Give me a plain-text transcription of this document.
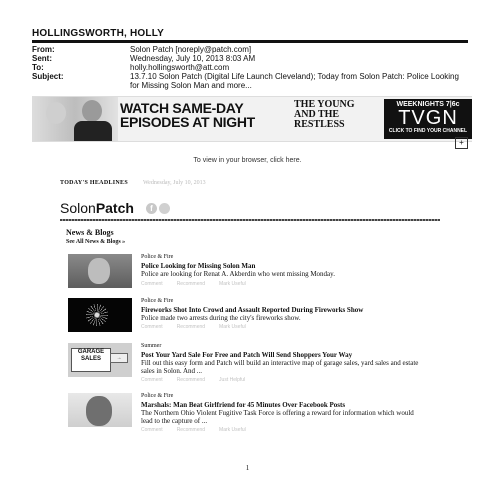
HOLLINGSWORTH, HOLLY
From:	Solon Patch [noreply@patch.com]
Sent:	Wednesday, July 10, 2013 8:03 AM
To:	holly.hollingsworth@att.com
Subject:	13.7.10 Solon Patch (Digital Life Launch Cleveland); Today from Solon Patch: Police Looking for Missing Solon Man and more...
WATCH SAME-DAY EPISODES AT NIGHT
THE YOUNG AND THE RESTLESS
WEEKNIGHTS 7|6c
TVGN
CLICK TO FIND YOUR CHANNEL
+
To view in your browser, click here.
TODAY'S HEADLINES	Wednesday, July 10, 2013
SolonPatch	f
News & Blogs
See All News & Blogs »
Police & Fire
Police Looking for Missing Solon Man
Police are looking for Renat A. Akberdin who went missing Monday.
Comment	Recommend	Mark Useful
Police & Fire
Fireworks Shot Into Crowd and Assault Reported During Fireworks Show
Police made two arrests during the city's fireworks show.
Comment	Recommend	Mark Useful
GARAGE SALES	→
Summer
Post Your Yard Sale For Free and Patch Will Send Shoppers Your Way
Fill out this easy form and Patch will build an interactive map of garage sales, yard sales and estate sales in Solon. And ...
Comment	Recommend	Just Helpful
Police & Fire
Marshals: Man Beat Girlfriend for 45 Minutes Over Facebook Posts
The Northern Ohio Violent Fugitive Task Force is offering a reward for information which would lead to the capture of ...
Comment	Recommend	Mark Useful
1
